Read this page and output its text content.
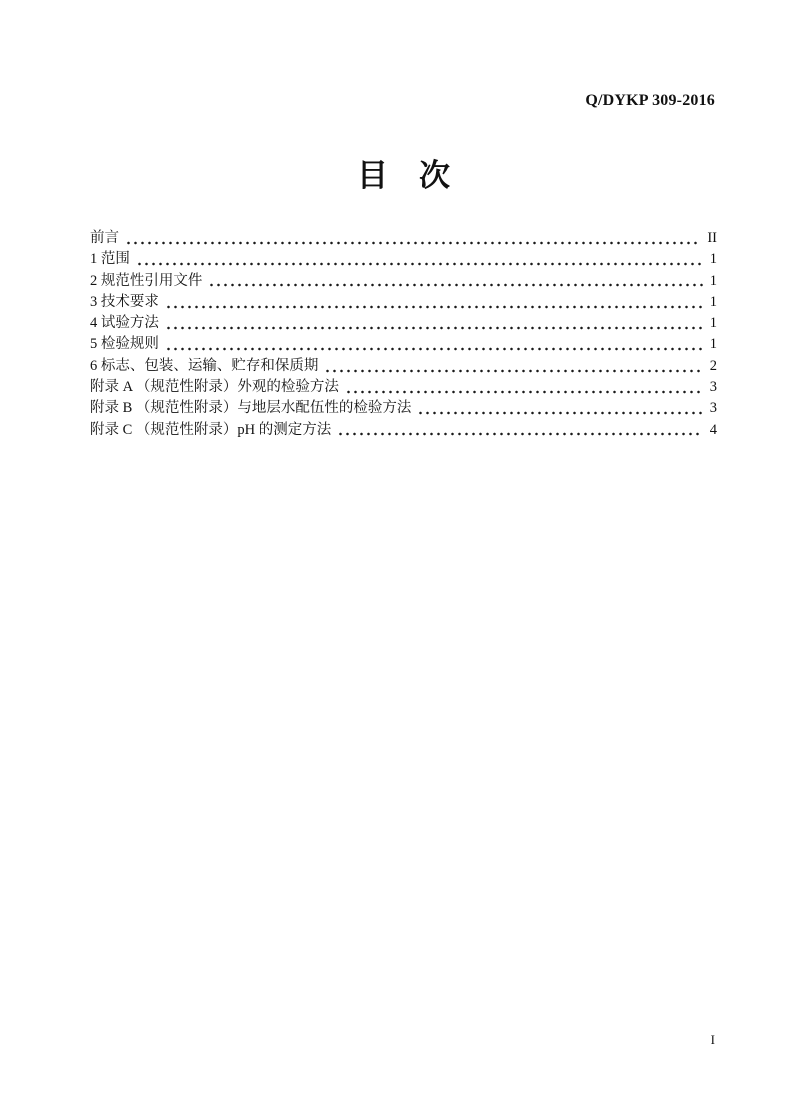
Q/DYKP 309-2016
目　次
前言	II
1 范围	1
2 规范性引用文件	1
3 技术要求	1
4 试验方法	1
5 检验规则	1
6 标志、包装、运输、贮存和保质期	2
附录 A （规范性附录）外观的检验方法	3
附录 B （规范性附录）与地层水配伍性的检验方法	3
附录 C （规范性附录）pH 的测定方法	4
I
